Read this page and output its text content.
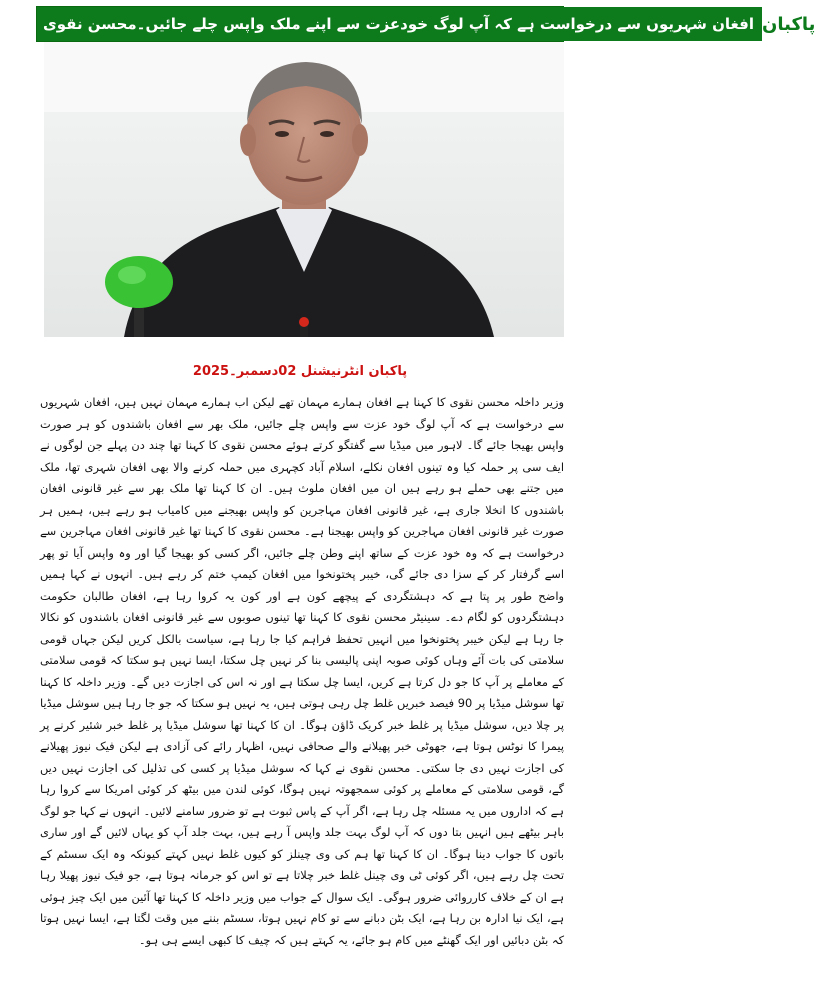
افغان شہریوں سے درخواست ہے کہ آپ لوگ خودعزت سے اپنے ملک واپس چلے جائیں۔محسن نقوی پاکبان
پاکبان انٹرنیشنل 02دسمبر۔2025

وزیر داخلہ محسن نقوی کا کہنا ہے افغان ہمارے مہمان تھے لیکن اب ہمارے مہمان نہیں ہیں، افغان شہریوں سے درخواست ہے کہ آپ لوگ خود عزت سے واپس چلے جائیں، ملک بھر سے افغان باشندوں کو ہر صورت واپس بھیجا جائے گا۔ لاہور میں میڈیا سے گفتگو کرتے ہوئے محسن نقوی کا کہنا تھا چند دن پہلے جن لوگوں نے ایف سی پر حملہ کیا وہ تینوں افغان نکلے، اسلام آباد کچہری میں حملہ کرنے والا بھی افغان شہری تھا، ملک میں جتنے بھی حملے ہو رہے ہیں ان میں افغان ملوث ہیں۔ ان کا کہنا تھا ملک بھر سے غیر قانونی افغان باشندوں کا انخلا جاری ہے، غیر قانونی افغان مہاجرین کو واپس بھیجنے میں کامیاب ہو رہے ہیں، ہمیں ہر صورت غیر قانونی افغان مہاجرین کو واپس بھیجنا ہے۔ محسن نقوی کا کہنا تھا غیر قانونی افغان مہاجرین سے درخواست ہے کہ وہ خود عزت کے ساتھ اپنے وطن چلے جائیں، اگر کسی کو بھیجا گیا اور وہ واپس آیا تو پھر اسے گرفتار کر کے سزا دی جائے گی، خیبر پختونخوا میں افغان کیمپ ختم کر رہے ہیں۔ انہوں نے کہا ہمیں واضح طور پر پتا ہے کہ دہشتگردی کے پیچھے کون ہے اور کون یہ کروا رہا ہے، افغان طالبان حکومت دہشتگردوں کو لگام دے۔ سینیٹر محسن نقوی کا کہنا تھا تینوں صوبوں سے غیر قانونی افغان باشندوں کو نکالا جا رہا ہے لیکن خیبر پختونخوا میں انہیں تحفظ فراہم کیا جا رہا ہے، سیاست بالکل کریں لیکن جہاں قومی سلامتی کی بات آئے وہاں کوئی صوبہ اپنی پالیسی بنا کر نہیں چل سکتا، ایسا نہیں ہو سکتا کہ قومی سلامتی کے معاملے پر آپ کا جو دل کرتا ہے کریں، ایسا چل سکتا ہے اور نہ اس کی اجازت دیں گے۔ وزیر داخلہ کا کہنا تھا سوشل میڈیا پر 90 فیصد خبریں غلط چل رہی ہوتی ہیں، یہ نہیں ہو سکتا کہ جو جا رہا ہیں سوشل میڈیا پر چلا دیں، سوشل میڈیا پر غلط خبر کریک ڈاؤن ہوگا۔ ان کا کہنا تھا سوشل میڈیا پر غلط خبر شئیر کرنے پر پیمرا کا نوٹس ہوتا ہے، جھوٹی خبر پھیلانے والے صحافی نہیں، اظہار رائے کی آزادی ہے لیکن فیک نیوز پھیلانے کی اجازت نہیں دی جا سکتی۔ محسن نقوی نے کہا کہ سوشل میڈیا پر کسی کی تذلیل کی اجازت نہیں دیں گے، قومی سلامتی کے معاملے پر کوئی سمجھوتہ نہیں ہوگا، کوئی لندن میں بیٹھ کر کوئی امریکا سے کروا رہا ہے کہ اداروں میں یہ مسئلہ چل رہا ہے، اگر آپ کے پاس ثبوت ہے تو ضرور سامنے لائیں۔ انہوں نے کہا جو لوگ باہر بیٹھے ہیں انہیں بتا دوں کہ آپ لوگ بہت جلد واپس آ رہے ہیں، بہت جلد آپ کو یہاں لائیں گے اور ساری باتوں کا جواب دینا ہوگا۔ ان کا کہنا تھا ہم کی وی چینلز کو کیوں غلط نہیں کہتے کیونکہ وہ ایک سسٹم کے تحت چل رہے ہیں، اگر کوئی ٹی وی چینل غلط خبر چلاتا ہے تو اس کو جرمانہ ہوتا ہے، جو فیک نیوز پھیلا رہا ہے ان کے خلاف کارروائی ضرور ہوگی۔ ایک سوال کے جواب میں وزیر داخلہ کا کہنا تھا آئین میں ایک چیز ہوئی ہے، ایک نیا ادارہ بن رہا ہے، ایک بٹن دبانے سے تو کام نہیں ہوتا، سسٹم بننے میں وقت لگتا ہے، ایسا نہیں ہوتا کہ بٹن دبائیں اور ایک گھنٹے میں کام ہو جائے، یہ کہتے ہیں کہ چیف کا کبھی ایسے ہی ہو۔
